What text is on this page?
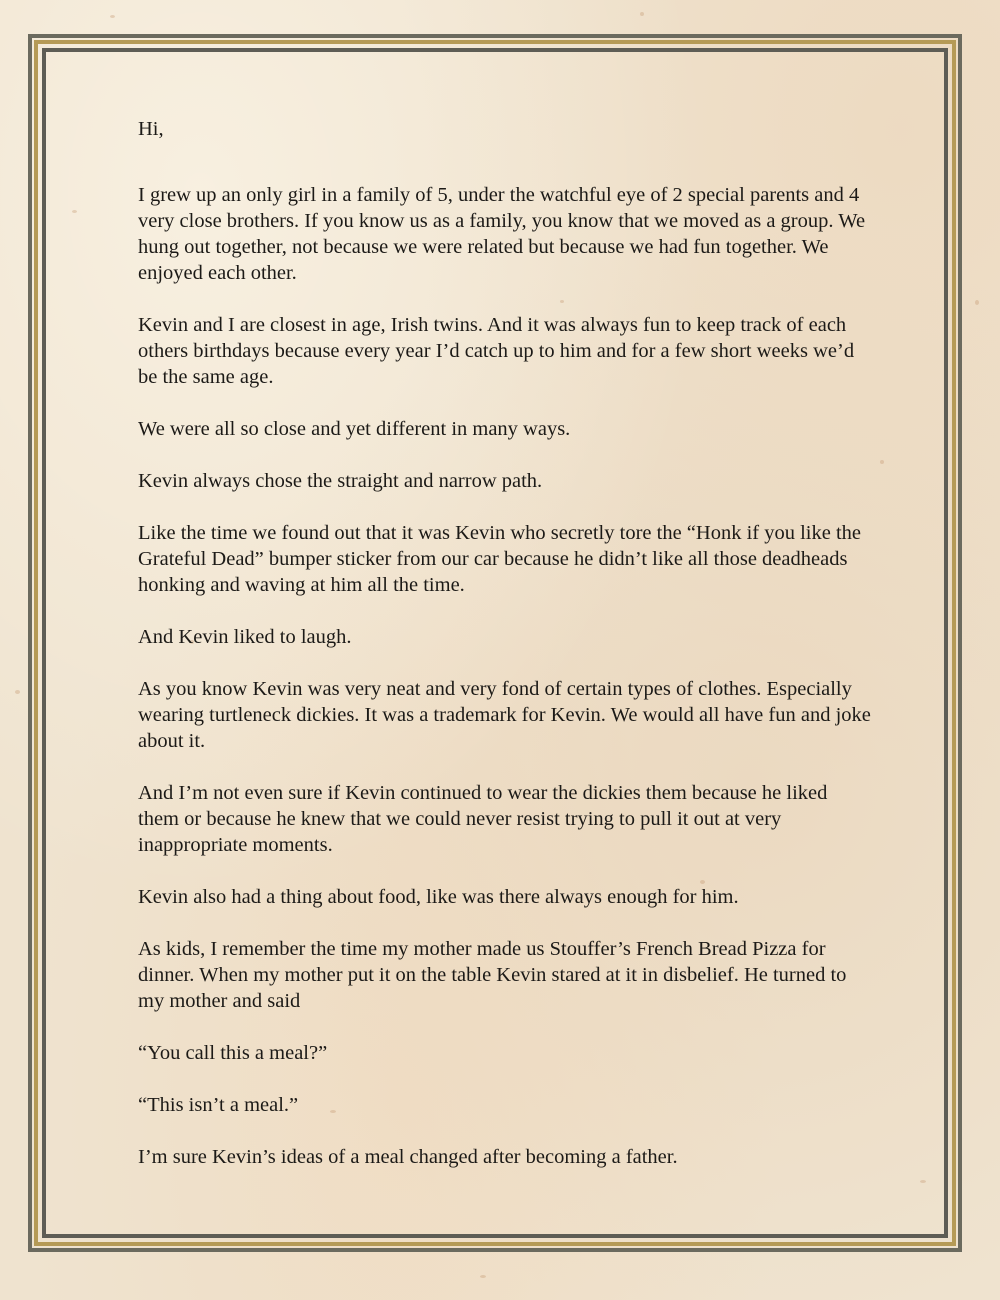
Hi,

I grew up an only girl in a family of 5, under the watchful eye of 2 special parents and 4 very close brothers. If you know us as a family, you know that we moved as a group. We hung out together, not because we were related but because we had fun together. We enjoyed each other.

Kevin and I are closest in age, Irish twins. And it was always fun to keep track of each others birthdays because every year I’d catch up to him and for a few short weeks we’d be the same age.

We were all so close and yet different in many ways.

Kevin always chose the straight and narrow path.

Like the time we found out that it was Kevin who secretly tore the “Honk if you like the Grateful Dead” bumper sticker from our car because he didn’t like all those deadheads honking and waving at him all the time.

And Kevin liked to laugh.

As you know Kevin was very neat and very fond of certain types of clothes. Especially wearing turtleneck dickies. It was a trademark for Kevin. We would all have fun and joke about it.

And I’m not even sure if Kevin continued to wear the dickies them because he liked them or because he knew that we could never resist trying to pull it out at very inappropriate moments.

Kevin also had a thing about food, like was there always enough for him.

As kids, I remember the time my mother made us Stouffer’s French Bread Pizza for dinner. When my mother put it on the table Kevin stared at it in disbelief. He turned to my mother and said

“You call this a meal?”

“This isn’t a meal.”

I’m sure Kevin’s ideas of a meal changed after becoming a father.
